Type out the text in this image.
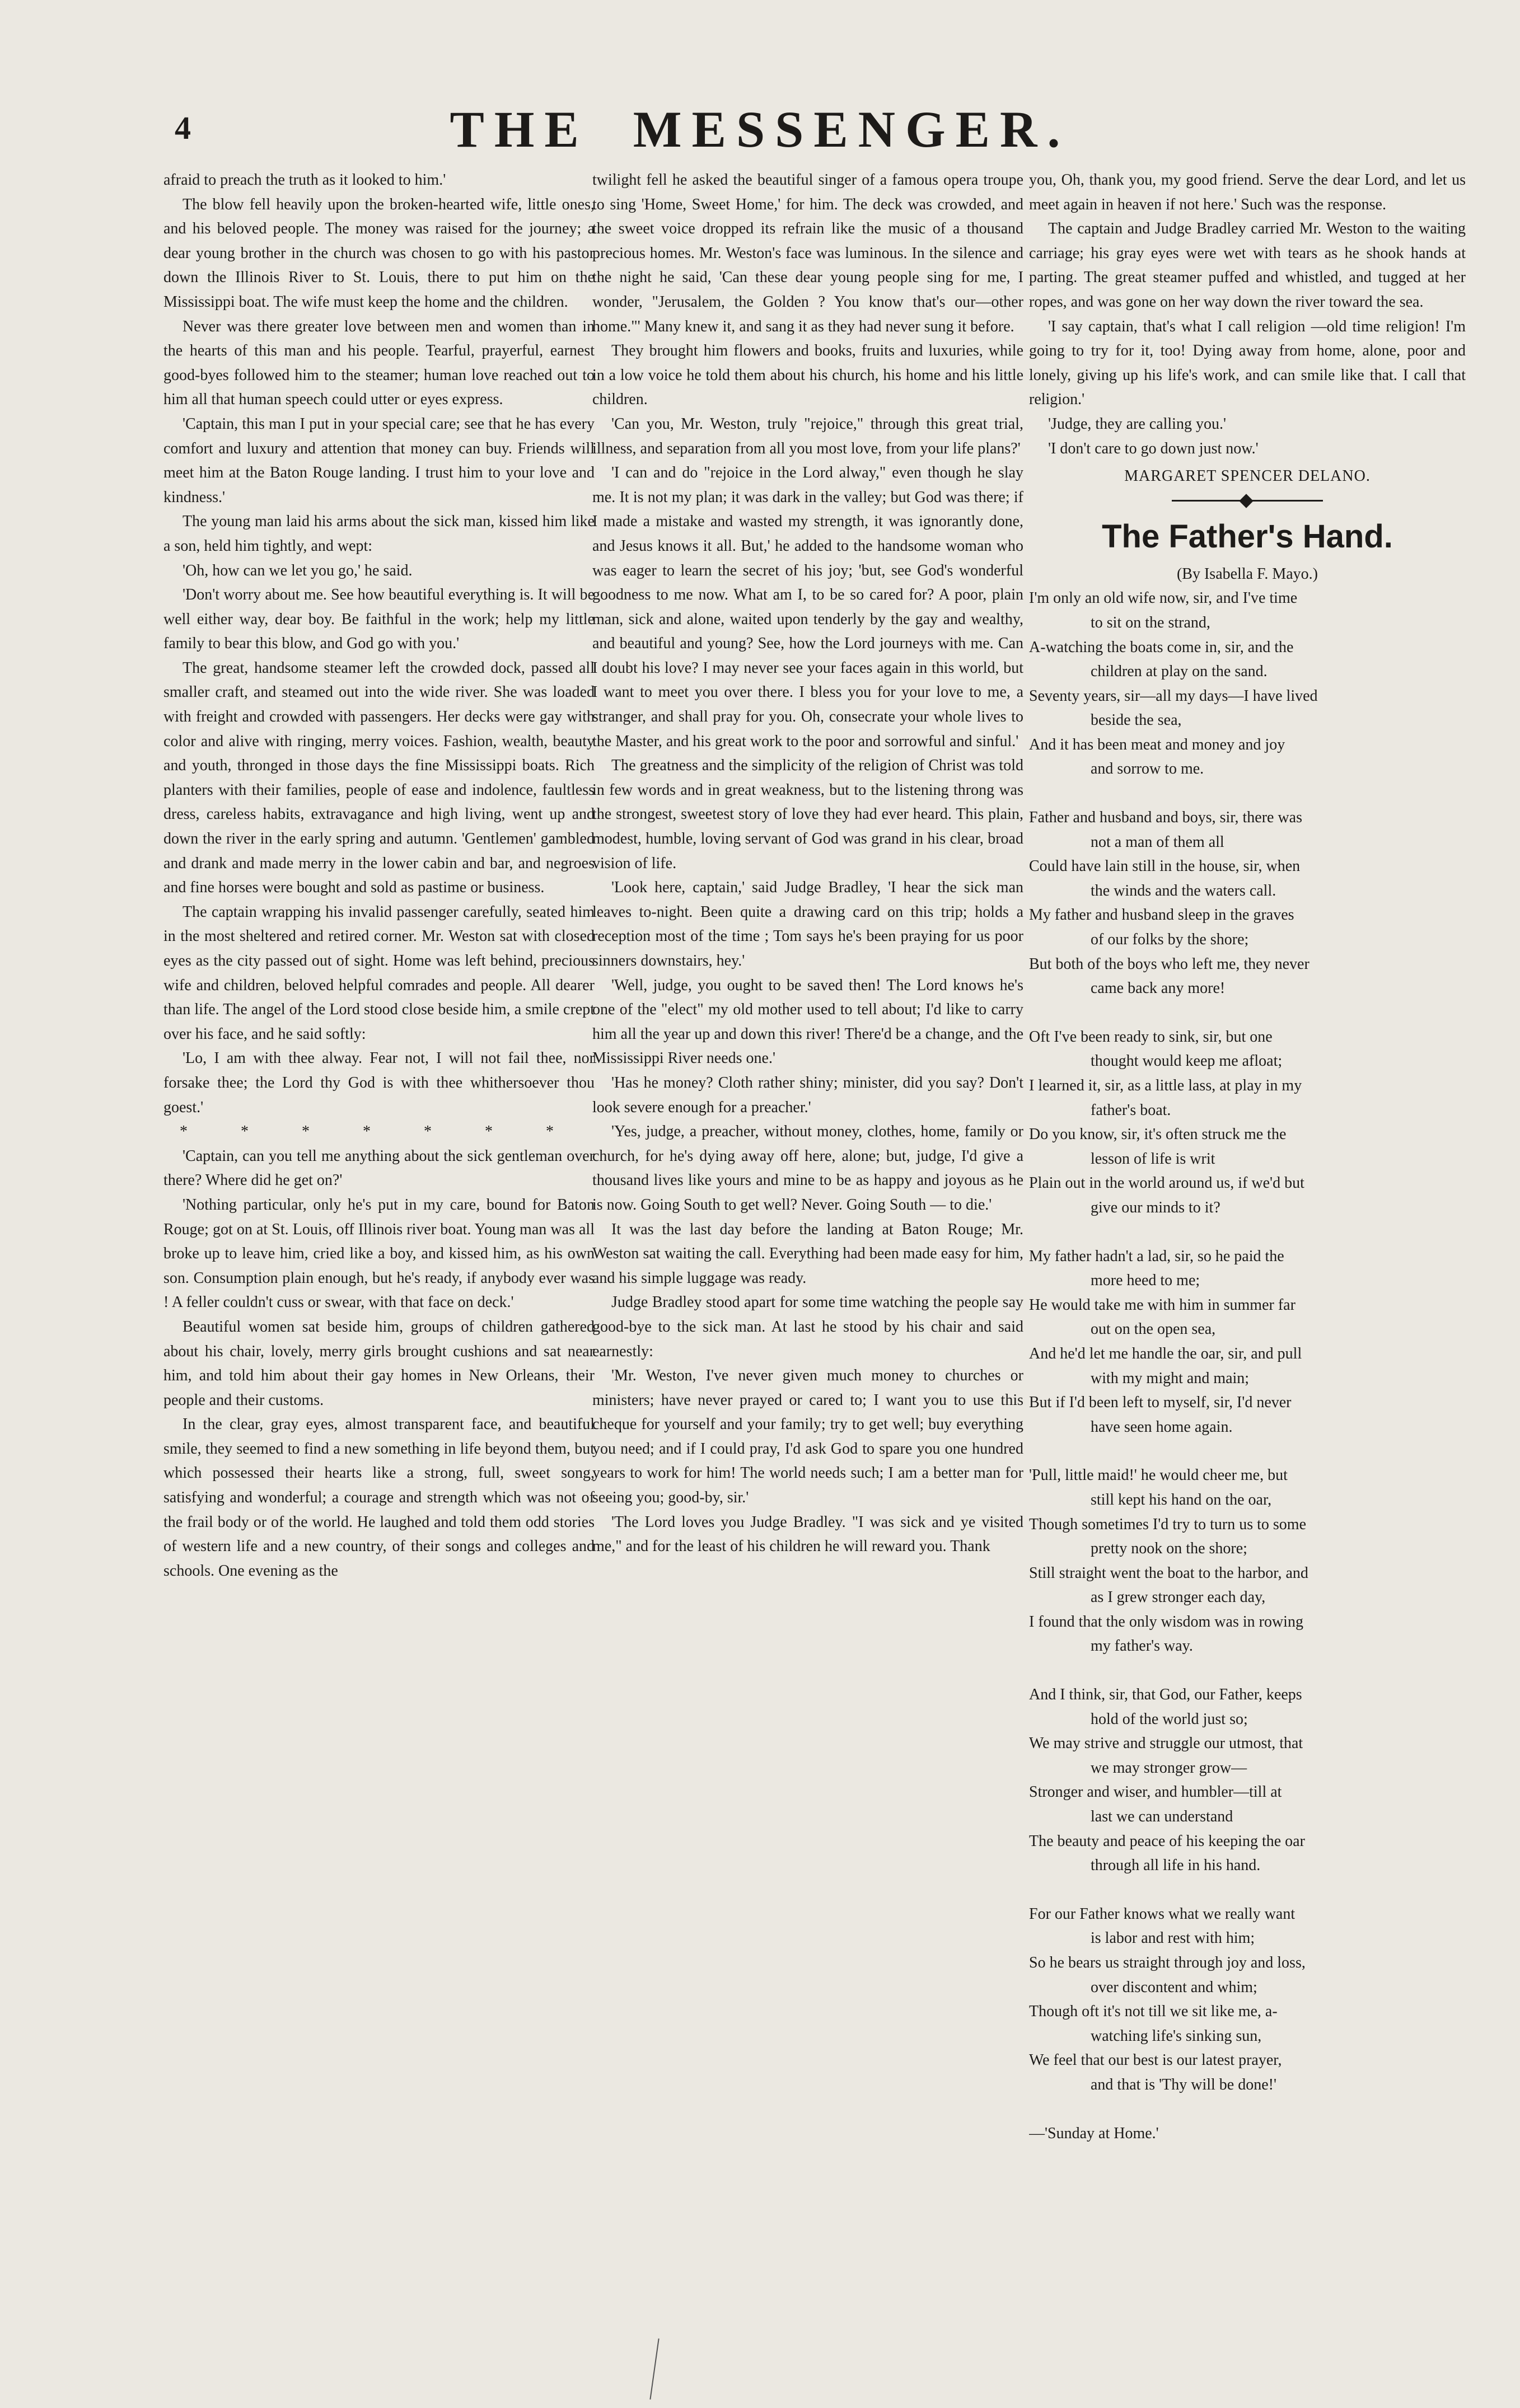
4	THE MESSENGER.

afraid to preach the truth as it looked to him.'

The blow fell heavily upon the broken-hearted wife, little ones, and his beloved people. The money was raised for the journey; a dear young brother in the church was chosen to go with his pastor down the Illinois River to St. Louis, there to put him on the Mississippi boat. The wife must keep the home and the children.

Never was there greater love between men and women than in the hearts of this man and his people. Tearful, prayerful, earnest good-byes followed him to the steamer; human love reached out to him all that human speech could utter or eyes express.

'Captain, this man I put in your special care; see that he has every comfort and luxury and attention that money can buy. Friends will meet him at the Baton Rouge landing. I trust him to your love and kindness.'

The young man laid his arms about the sick man, kissed him like a son, held him tightly, and wept:

'Oh, how can we let you go,' he said.

'Don't worry about me. See how beautiful everything is. It will be well either way, dear boy. Be faithful in the work; help my little family to bear this blow, and God go with you.'

The great, handsome steamer left the crowded dock, passed all smaller craft, and steamed out into the wide river. She was loaded with freight and crowded with passengers. Her decks were gay with color and alive with ringing, merry voices. Fashion, wealth, beauty and youth, thronged in those days the fine Mississippi boats. Rich planters with their families, people of ease and indolence, faultless dress, careless habits, extravagance and high living, went up and down the river in the early spring and autumn. 'Gentlemen' gambled and drank and made merry in the lower cabin and bar, and negroes and fine horses were bought and sold as pastime or business.

The captain wrapping his invalid passenger carefully, seated him in the most sheltered and retired corner. Mr. Weston sat with closed eyes as the city passed out of sight. Home was left behind, precious wife and children, beloved helpful comrades and people. All dearer than life. The angel of the Lord stood close beside him, a smile crept over his face, and he said softly:

'Lo, I am with thee alway. Fear not, I will not fail thee, nor forsake thee; the Lord thy God is with thee whithersoever thou goest.'

* * * * * * *

'Captain, can you tell me anything about the sick gentleman over there? Where did he get on?'

'Nothing particular, only he's put in my care, bound for Baton Rouge; got on at St. Louis, off Illinois river boat. Young man was all broke up to leave him, cried like a boy, and kissed him, as his own son. Consumption plain enough, but he's ready, if anybody ever was ! A feller couldn't cuss or swear, with that face on deck.'

Beautiful women sat beside him, groups of children gathered about his chair, lovely, merry girls brought cushions and sat near him, and told him about their gay homes in New Orleans, their people and their customs.

In the clear, gray eyes, almost transparent face, and beautiful smile, they seemed to find a new something in life beyond them, but which possessed their hearts like a strong, full, sweet song, satisfying and wonderful; a courage and strength which was not of the frail body or of the world. He laughed and told them odd stories of western life and a new country, of their songs and colleges and schools. One evening as the

twilight fell he asked the beautiful singer of a famous opera troupe to sing 'Home, Sweet Home,' for him. The deck was crowded, and the sweet voice dropped its refrain like the music of a thousand precious homes. Mr. Weston's face was luminous. In the silence and the night he said, 'Can these dear young people sing for me, I wonder, "Jerusalem, the Golden ? You know that's our—other home."' Many knew it, and sang it as they had never sung it before.

They brought him flowers and books, fruits and luxuries, while in a low voice he told them about his church, his home and his little children.

'Can you, Mr. Weston, truly "rejoice," through this great trial, illness, and separation from all you most love, from your life plans?'

'I can and do "rejoice in the Lord alway," even though he slay me. It is not my plan; it was dark in the valley; but God was there; if I made a mistake and wasted my strength, it was ignorantly done, and Jesus knows it all. But,' he added to the handsome woman who was eager to learn the secret of his joy; 'but, see God's wonderful goodness to me now. What am I, to be so cared for? A poor, plain man, sick and alone, waited upon tenderly by the gay and wealthy, and beautiful and young? See, how the Lord journeys with me. Can I doubt his love? I may never see your faces again in this world, but I want to meet you over there. I bless you for your love to me, a stranger, and shall pray for you. Oh, consecrate your whole lives to the Master, and his great work to the poor and sorrowful and sinful.'

The greatness and the simplicity of the religion of Christ was told in few words and in great weakness, but to the listening throng was the strongest, sweetest story of love they had ever heard. This plain, modest, humble, loving servant of God was grand in his clear, broad vision of life.

'Look here, captain,' said Judge Bradley, 'I hear the sick man leaves to-night. Been quite a drawing card on this trip; holds a reception most of the time ; Tom says he's been praying for us poor sinners downstairs, hey.'

'Well, judge, you ought to be saved then! The Lord knows he's one of the "elect" my old mother used to tell about; I'd like to carry him all the year up and down this river! There'd be a change, and the Mississippi River needs one.'

'Has he money? Cloth rather shiny; minister, did you say? Don't look severe enough for a preacher.'

'Yes, judge, a preacher, without money, clothes, home, family or church, for he's dying away off here, alone; but, judge, I'd give a thousand lives like yours and mine to be as happy and joyous as he is now. Going South to get well? Never. Going South — to die.'

It was the last day before the landing at Baton Rouge; Mr. Weston sat waiting the call. Everything had been made easy for him, and his simple luggage was ready.

Judge Bradley stood apart for some time watching the people say good-bye to the sick man. At last he stood by his chair and said earnestly:

'Mr. Weston, I've never given much money to churches or ministers; have never prayed or cared to; I want you to use this cheque for yourself and your family; try to get well; buy everything you need; and if I could pray, I'd ask God to spare you one hundred years to work for him! The world needs such; I am a better man for seeing you; good-by, sir.'

'The Lord loves you Judge Bradley. "I was sick and ye visited me," and for the least of his children he will reward you. Thank

you, Oh, thank you, my good friend. Serve the dear Lord, and let us meet again in heaven if not here.' Such was the response.

The captain and Judge Bradley carried Mr. Weston to the waiting carriage; his gray eyes were wet with tears as he shook hands at parting. The great steamer puffed and whistled, and tugged at her ropes, and was gone on her way down the river toward the sea.

'I say captain, that's what I call religion —old time religion! I'm going to try for it, too! Dying away from home, alone, poor and lonely, giving up his life's work, and can smile like that. I call that religion.'

'Judge, they are calling you.'

'I don't care to go down just now.'

MARGARET SPENCER DELANO.

The Father's Hand.

(By Isabella F. Mayo.)

I'm only an old wife now, sir, and I've time

to sit on the strand,

A-watching the boats come in, sir, and the

children at play on the sand.

Seventy years, sir—all my days—I have lived

beside the sea,

And it has been meat and money and joy

and sorrow to me.

Father and husband and boys, sir, there was

not a man of them all

Could have lain still in the house, sir, when

the winds and the waters call.

My father and husband sleep in the graves

of our folks by the shore;

But both of the boys who left me, they never

came back any more!

Oft I've been ready to sink, sir, but one

thought would keep me afloat;

I learned it, sir, as a little lass, at play in my

father's boat.

Do you know, sir, it's often struck me the

lesson of life is writ

Plain out in the world around us, if we'd but

give our minds to it?

My father hadn't a lad, sir, so he paid the

more heed to me;

He would take me with him in summer far

out on the open sea,

And he'd let me handle the oar, sir, and pull

with my might and main;

But if I'd been left to myself, sir, I'd never

have seen home again.

'Pull, little maid!' he would cheer me, but

still kept his hand on the oar,

Though sometimes I'd try to turn us to some

pretty nook on the shore;

Still straight went the boat to the harbor, and

as I grew stronger each day,

I found that the only wisdom was in rowing

my father's way.

And I think, sir, that God, our Father, keeps

hold of the world just so;

We may strive and struggle our utmost, that

we may stronger grow—

Stronger and wiser, and humbler—till at

last we can understand

The beauty and peace of his keeping the oar

through all life in his hand.

For our Father knows what we really want

is labor and rest with him;

So he bears us straight through joy and loss,

over discontent and whim;

Though oft it's not till we sit like me, a-

watching life's sinking sun,

We feel that our best is our latest prayer,

and that is 'Thy will be done!'

—'Sunday at Home.'
